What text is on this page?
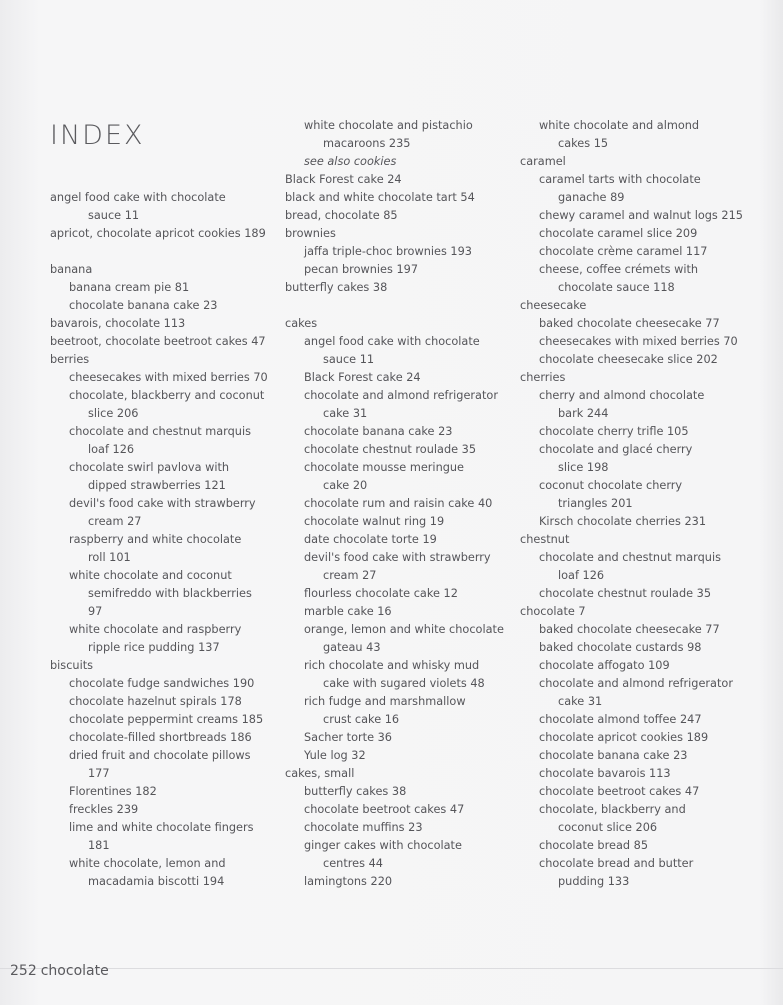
INDEX
angel food cake with chocolate
sauce 11
apricot, chocolate apricot cookies 189
banana
banana cream pie 81
chocolate banana cake 23
bavarois, chocolate 113
beetroot, chocolate beetroot cakes 47
berries
cheesecakes with mixed berries 70
chocolate, blackberry and coconut
slice 206
chocolate and chestnut marquis
loaf 126
chocolate swirl pavlova with
dipped strawberries 121
devil's food cake with strawberry
cream 27
raspberry and white chocolate
roll 101
white chocolate and coconut
semifreddo with blackberries
97
white chocolate and raspberry
ripple rice pudding 137
biscuits
chocolate fudge sandwiches 190
chocolate hazelnut spirals 178
chocolate peppermint creams 185
chocolate-filled shortbreads 186
dried fruit and chocolate pillows
177
Florentines 182
freckles 239
lime and white chocolate fingers
181
white chocolate, lemon and
macadamia biscotti 194
white chocolate and pistachio
macaroons 235
see also cookies
Black Forest cake 24
black and white chocolate tart 54
bread, chocolate 85
brownies
jaffa triple-choc brownies 193
pecan brownies 197
butterfly cakes 38
cakes
angel food cake with chocolate
sauce 11
Black Forest cake 24
chocolate and almond refrigerator
cake 31
chocolate banana cake 23
chocolate chestnut roulade 35
chocolate mousse meringue
cake 20
chocolate rum and raisin cake 40
chocolate walnut ring 19
date chocolate torte 19
devil's food cake with strawberry
cream 27
flourless chocolate cake 12
marble cake 16
orange, lemon and white chocolate
gateau 43
rich chocolate and whisky mud
cake with sugared violets 48
rich fudge and marshmallow
crust cake 16
Sacher torte 36
Yule log 32
cakes, small
butterfly cakes 38
chocolate beetroot cakes 47
chocolate muffins 23
ginger cakes with chocolate
centres 44
lamingtons 220
white chocolate and almond
cakes 15
caramel
caramel tarts with chocolate
ganache 89
chewy caramel and walnut logs 215
chocolate caramel slice 209
chocolate crème caramel 117
cheese, coffee crémets with
chocolate sauce 118
cheesecake
baked chocolate cheesecake 77
cheesecakes with mixed berries 70
chocolate cheesecake slice 202
cherries
cherry and almond chocolate
bark 244
chocolate cherry trifle 105
chocolate and glacé cherry
slice 198
coconut chocolate cherry
triangles 201
Kirsch chocolate cherries 231
chestnut
chocolate and chestnut marquis
loaf 126
chocolate chestnut roulade 35
chocolate 7
baked chocolate cheesecake 77
baked chocolate custards 98
chocolate affogato 109
chocolate and almond refrigerator
cake 31
chocolate almond toffee 247
chocolate apricot cookies 189
chocolate banana cake 23
chocolate bavarois 113
chocolate beetroot cakes 47
chocolate, blackberry and
coconut slice 206
chocolate bread 85
chocolate bread and butter
pudding 133
252 chocolate
